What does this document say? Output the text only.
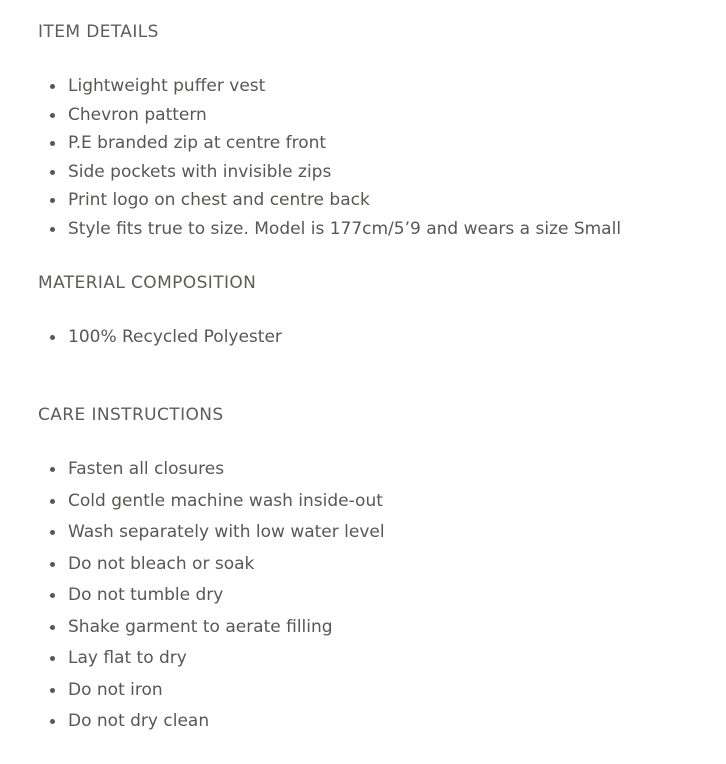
ITEM DETAILS
Lightweight puffer vest
Chevron pattern
P.E branded zip at centre front
Side pockets with invisible zips
Print logo on chest and centre back
Style fits true to size. Model is 177cm/5’9 and wears a size Small
MATERIAL COMPOSITION
100% Recycled Polyester
CARE INSTRUCTIONS
Fasten all closures
Cold gentle machine wash inside-out
Wash separately with low water level
Do not bleach or soak
Do not tumble dry
Shake garment to aerate filling
Lay flat to dry
Do not iron
Do not dry clean
